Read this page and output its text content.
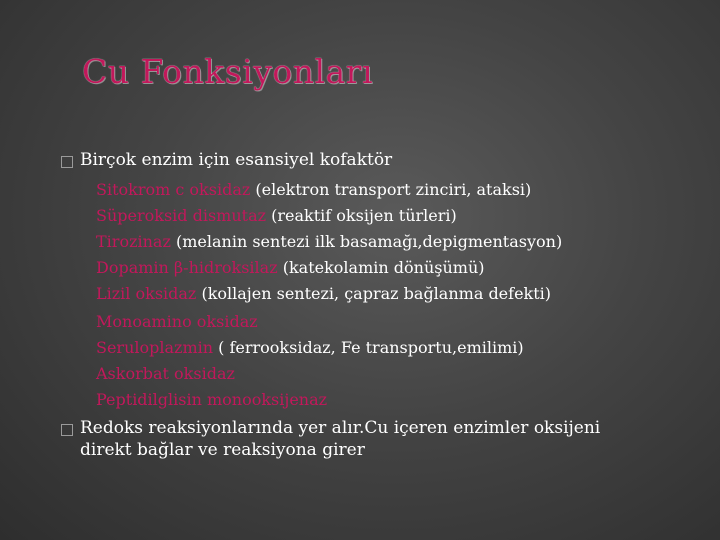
Cu Fonksiyonları
Birçok enzim için esansiyel kofaktör
Sitokrom c oksidaz (elektron transport zinciri, ataksi)
Süperoksid dismutaz (reaktif oksijen türleri)
Tirozinaz (melanin sentezi ilk basamağı,depigmentasyon)
Dopamin β-hidroksilaz (katekolamin dönüşümü)
Lizil oksidaz (kollajen sentezi, çapraz bağlanma defekti)
Monoamino oksidaz
Seruloplazmin ( ferrooksidaz, Fe transportu,emilimi)
Askorbat oksidaz
Peptidilglisin monooksijenaz
Redoks reaksiyonlarında yer alır.Cu içeren enzimler oksijeni
direkt bağlar ve reaksiyona girer
